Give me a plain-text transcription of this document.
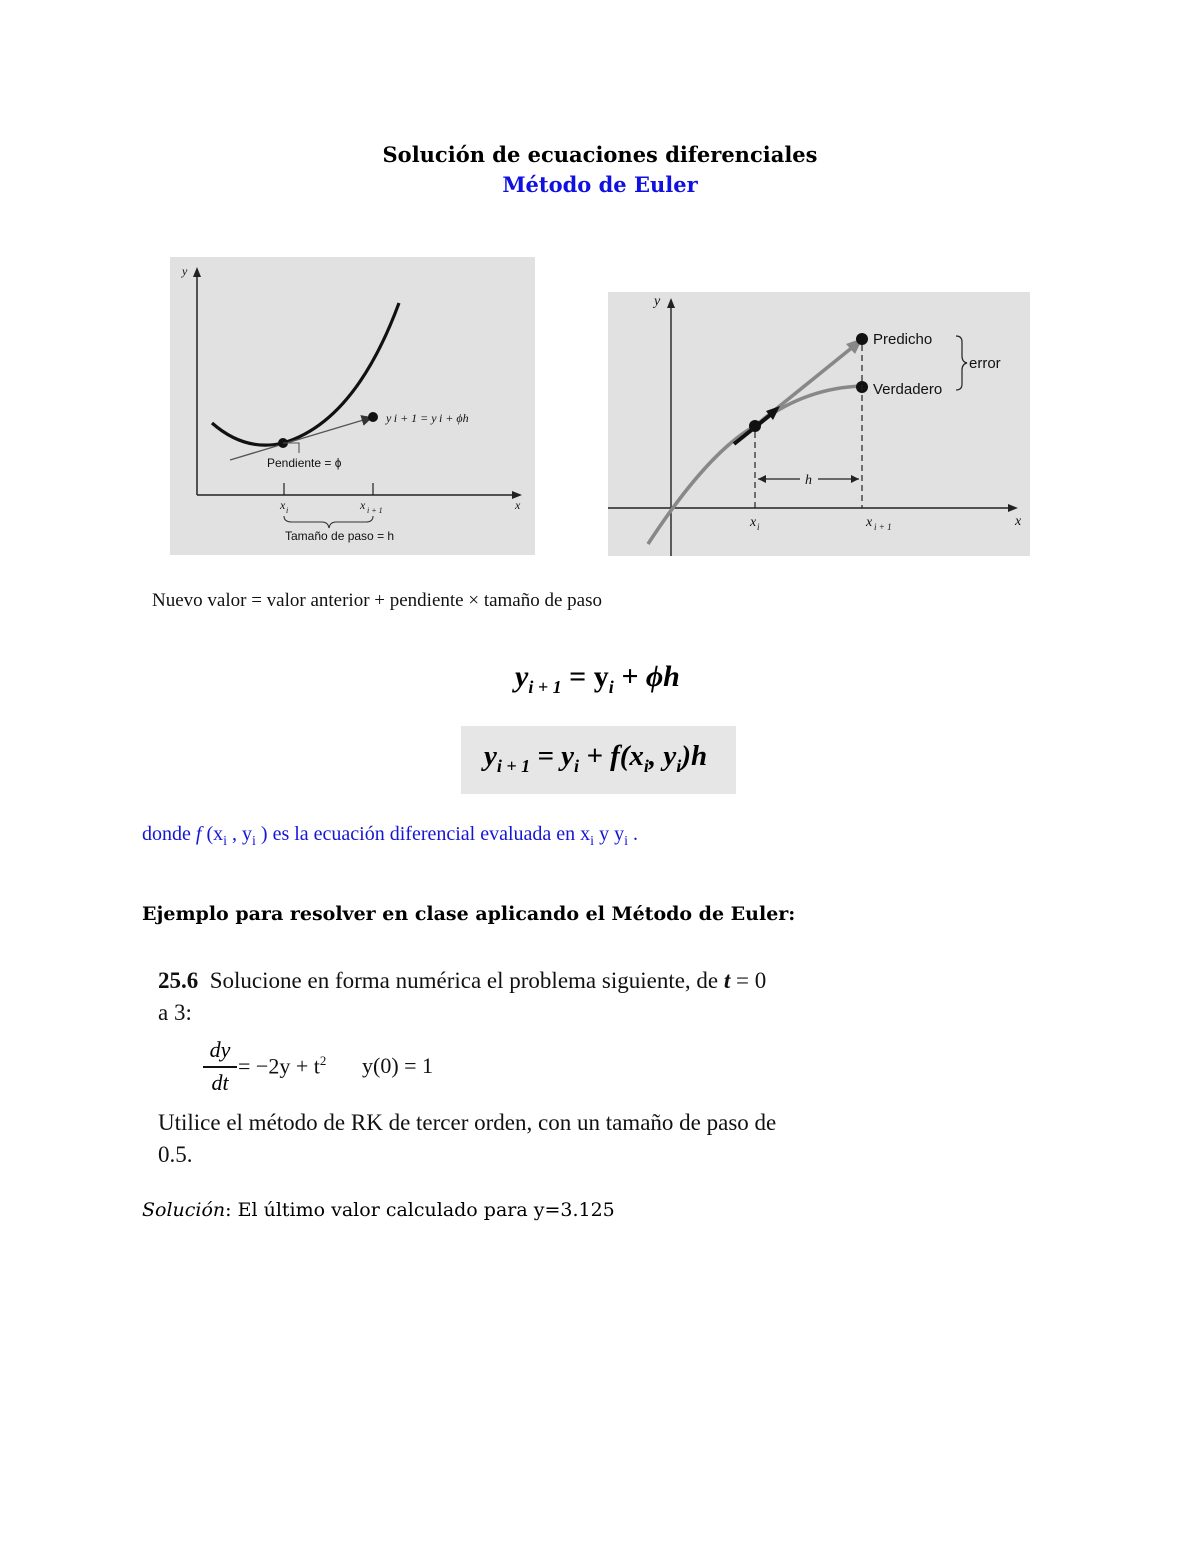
Solución de ecuaciones diferenciales
Método de Euler
y
x
y i + 1 = y i + ϕh
Pendiente = ϕ
x i	x i + 1
Tamaño de paso = h
y
x
h
Predicho
Verdadero
error
x i	x i + 1
Nuevo valor = valor anterior + pendiente × tamaño de paso
$y_{i + 1} = y_i + \phi h$
$y_{i + 1} = y_i + f(x_i$, $y_i)h$
donde f ($x_i$ , $y_i$ ) es la ecuación diferencial evaluada en $x_i$ y $y_i$ .
Ejemplo para resolver en clase aplicando el Método de Euler:
25.6 Solucione en forma numérica el problema siguiente, de t = 0
a 3:
dy
dt
= $-2y + t^2$ y(0) = 1
Utilice el método de RK de tercer orden, con un tamaño de paso de
0.5.
Solución: El último valor calculado para y=3.125
